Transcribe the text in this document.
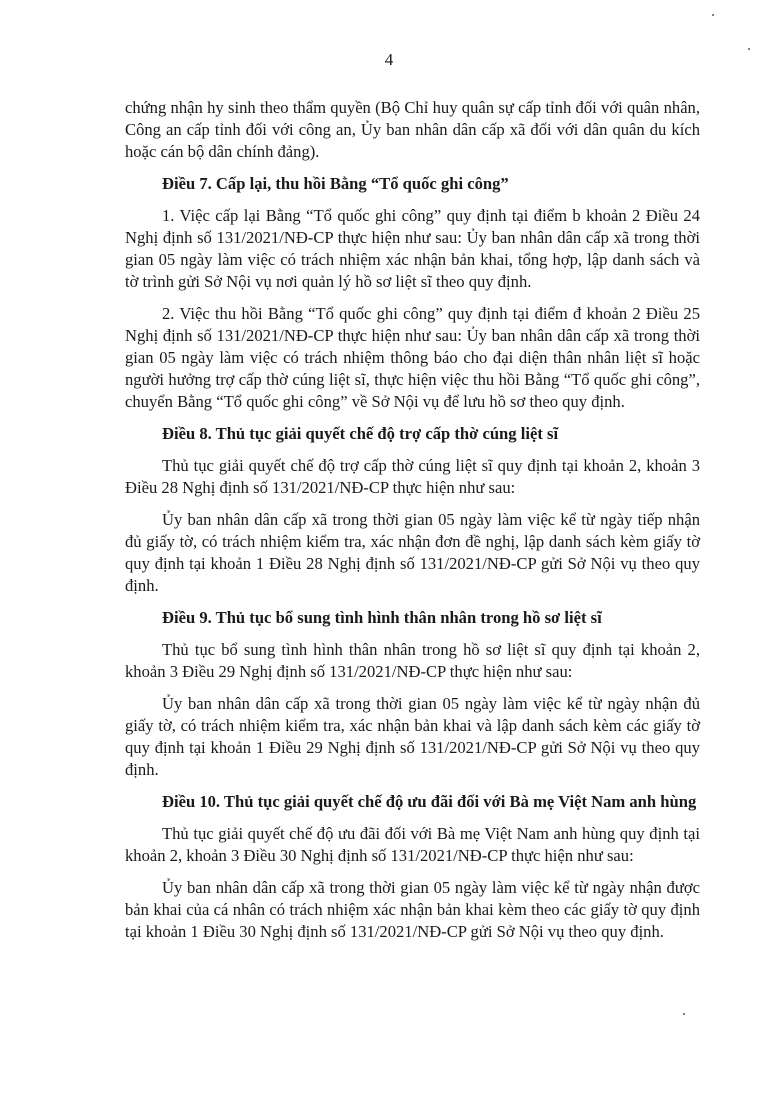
4

chứng nhận hy sinh theo thẩm quyền (Bộ Chỉ huy quân sự cấp tỉnh đối với quân nhân, Công an cấp tỉnh đối với công an, Ủy ban nhân dân cấp xã đối với dân quân du kích hoặc cán bộ dân chính đảng).

Điều 7. Cấp lại, thu hồi Bằng “Tổ quốc ghi công”

1. Việc cấp lại Bằng “Tổ quốc ghi công” quy định tại điểm b khoản 2 Điều 24 Nghị định số 131/2021/NĐ-CP thực hiện như sau: Ủy ban nhân dân cấp xã trong thời gian 05 ngày làm việc có trách nhiệm xác nhận bản khai, tổng hợp, lập danh sách và tờ trình gửi Sở Nội vụ nơi quản lý hồ sơ liệt sĩ theo quy định.

2. Việc thu hồi Bằng “Tổ quốc ghi công” quy định tại điểm đ khoản 2 Điều 25 Nghị định số 131/2021/NĐ-CP thực hiện như sau: Ủy ban nhân dân cấp xã trong thời gian 05 ngày làm việc có trách nhiệm thông báo cho đại diện thân nhân liệt sĩ hoặc người hưởng trợ cấp thờ cúng liệt sĩ, thực hiện việc thu hồi Bằng “Tổ quốc ghi công”, chuyển Bằng “Tổ quốc ghi công” về Sở Nội vụ để lưu hồ sơ theo quy định.

Điều 8. Thủ tục giải quyết chế độ trợ cấp thờ cúng liệt sĩ

Thủ tục giải quyết chế độ trợ cấp thờ cúng liệt sĩ quy định tại khoản 2, khoản 3 Điều 28 Nghị định số 131/2021/NĐ-CP thực hiện như sau:

Ủy ban nhân dân cấp xã trong thời gian 05 ngày làm việc kể từ ngày tiếp nhận đủ giấy tờ, có trách nhiệm kiểm tra, xác nhận đơn đề nghị, lập danh sách kèm giấy tờ quy định tại khoản 1 Điều 28 Nghị định số 131/2021/NĐ-CP gửi Sở Nội vụ theo quy định.

Điều 9. Thủ tục bổ sung tình hình thân nhân trong hồ sơ liệt sĩ

Thủ tục bổ sung tình hình thân nhân trong hồ sơ liệt sĩ quy định tại khoản 2, khoản 3 Điều 29 Nghị định số 131/2021/NĐ-CP thực hiện như sau:

Ủy ban nhân dân cấp xã trong thời gian 05 ngày làm việc kể từ ngày nhận đủ giấy tờ, có trách nhiệm kiểm tra, xác nhận bản khai và lập danh sách kèm các giấy tờ quy định tại khoản 1 Điều 29 Nghị định số 131/2021/NĐ-CP gửi Sở Nội vụ theo quy định.

Điều 10. Thủ tục giải quyết chế độ ưu đãi đối với Bà mẹ Việt Nam anh hùng

Thủ tục giải quyết chế độ ưu đãi đối với Bà mẹ Việt Nam anh hùng quy định tại khoản 2, khoản 3 Điều 30 Nghị định số 131/2021/NĐ-CP thực hiện như sau:

Ủy ban nhân dân cấp xã trong thời gian 05 ngày làm việc kể từ ngày nhận được bản khai của cá nhân có trách nhiệm xác nhận bản khai kèm theo các giấy tờ quy định tại khoản 1 Điều 30 Nghị định số 131/2021/NĐ-CP gửi Sở Nội vụ theo quy định.
